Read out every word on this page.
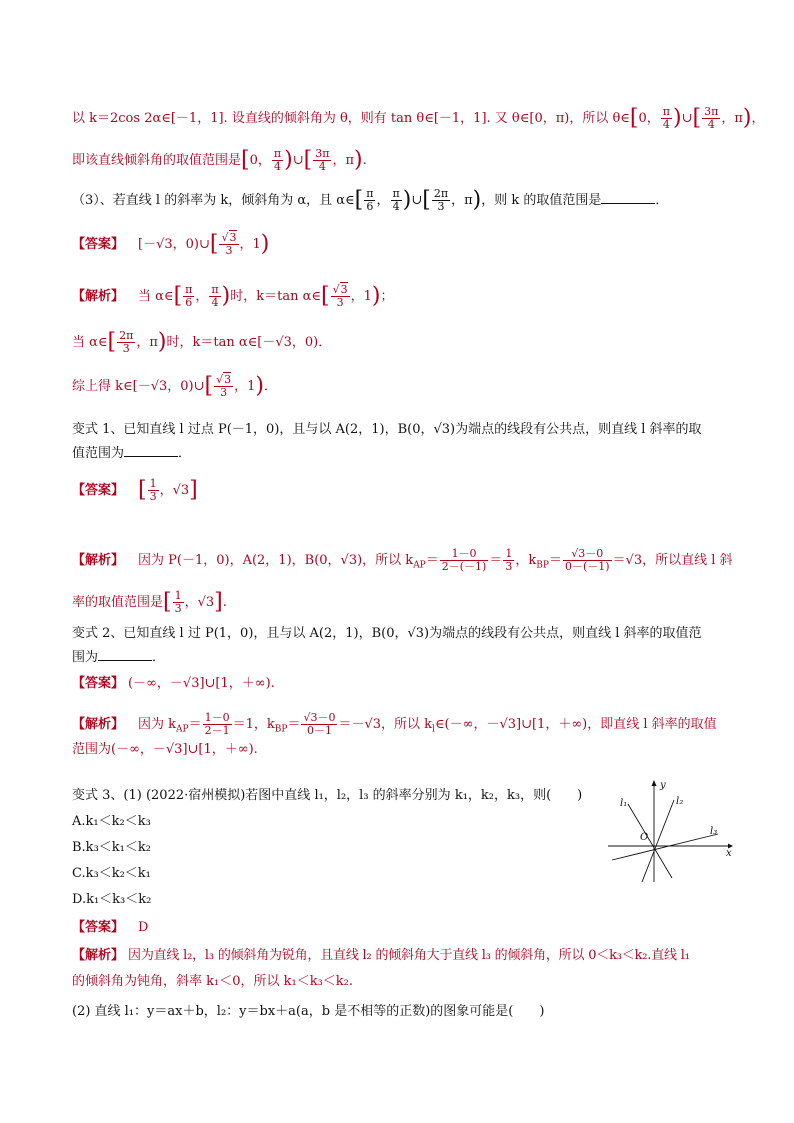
以 k＝2cos 2α∈[－1，1]. 设直线的倾斜角为 θ，则有 tan θ∈[－1，1]. 又 θ∈[0，π)，所以 θ∈[0， $\frac{\pi}{4}$ )∪[ $\frac{3\pi}{4}$ ，π)，
即该直线倾斜角的取值范围是[0， $\frac{\pi}{4}$ )∪[ $\frac{3\pi}{4}$ ，π).
（3）、若直线 l 的斜率为 k，倾斜角为 α，且 α∈[ $\frac{\pi}{6}$ ， $\frac{\pi}{4}$ )∪[ $\frac{2\pi}{3}$ ，π)，则 k 的取值范围是	．
【答案】 [－√3，0)∪[ $\frac{√3}{3}$ ，1)
【解析】 当 α∈[ $\frac{\pi}{6}$ ， $\frac{\pi}{4}$ )时，k＝tan α∈[ $\frac{√3}{3}$ ，1)；
当 α∈[ $\frac{2\pi}{3}$ ，π)时，k＝tan α∈[－√3，0)．
综上得 k∈[－√3，0)∪[ $\frac{√3}{3}$ ，1)．
变式 1、已知直线 l 过点 P(－1，0)，且与以 A(2，1)，B(0，√3)为端点的线段有公共点，则直线 l 斜率的取
值范围为	．
【答案】 [ $\frac{1}{3}$ ，√3]
【解析】 因为 P(－1，0)，A(2，1)，B(0，√3)，所以 $k_{AP}= \frac{1-0}{2-(-1)} = \frac{1}{3}$ ，$k_{BP}= \frac{√3-0}{0-(-1)} =√3$，所以直线 l 斜
率的取值范围是[ $\frac{1}{3}$ ，√3].
变式 2、已知直线 l 过 P(1，0)，且与以 A(2，1)，B(0，√3)为端点的线段有公共点，则直线 l 斜率的取值范
围为	．
【答案】 (－∞，－√3]∪[1，＋∞).
【解析】 因为 $k_{AP}= \frac{1-0}{2-1} =1$，$k_{BP}= \frac{√3-0}{0-1} =-√3$，所以 $k_l\in(-\infty$，－√3]∪[1，＋∞)，即直线 l 斜率的取值
范围为(－∞，－√3]∪[1，＋∞).
变式 3、(1) (2022·宿州模拟)若图中直线 l₁，l₂，l₃ 的斜率分别为 k₁，k₂，k₃，则(　　)
A.k₁＜k₂＜k₃
B.k₃＜k₁＜k₂
C.k₃＜k₂＜k₁
D.k₁＜k₃＜k₂
【答案】 D
【解析】 因为直线 l₂，l₃ 的倾斜角为锐角，且直线 l₂ 的倾斜角大于直线 l₃ 的倾斜角，所以 0＜k₃＜k₂.直线 l₁
的倾斜角为钝角，斜率 k₁＜0，所以 k₁＜k₃＜k₂.
(2) 直线 l₁：y＝ax＋b，l₂：y＝bx＋a(a，b 是不相等的正数)的图象可能是(　　)
y
x
O
l₁	l₂
l₃
